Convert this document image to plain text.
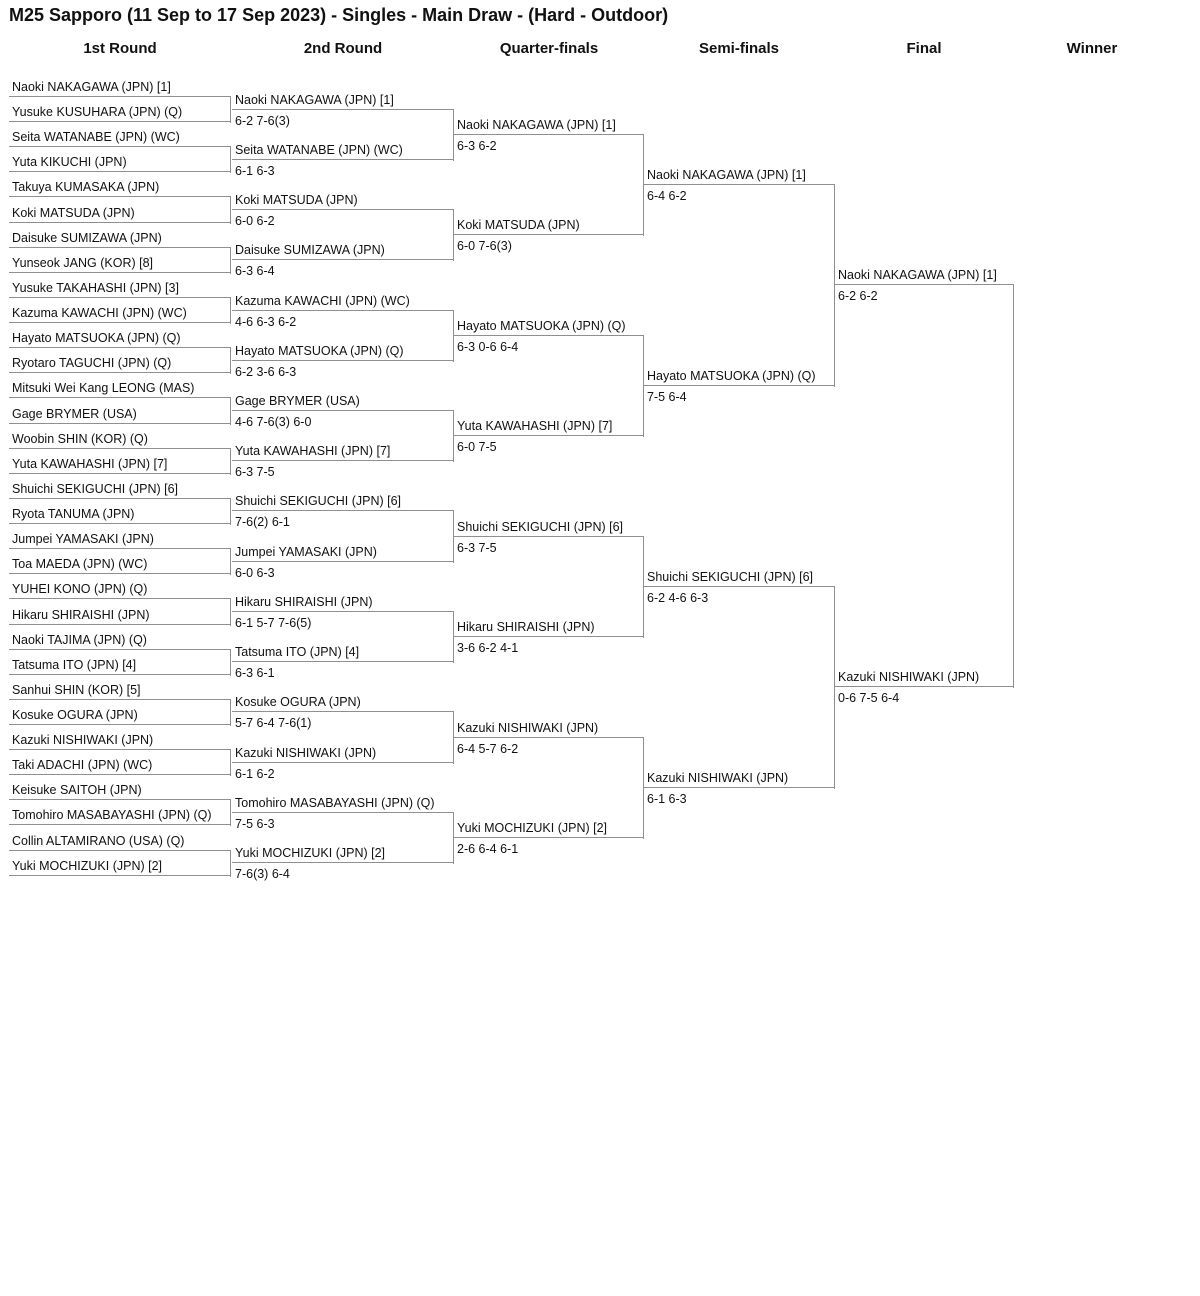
M25 Sapporo (11 Sep to 17 Sep 2023) - Singles - Main Draw - (Hard - Outdoor)
1st Round	2nd Round	Quarter-finals	Semi-finals	Final	Winner
Naoki NAKAGAWA (JPN) [1]
Yusuke KUSUHARA (JPN) (Q)
Seita WATANABE (JPN) (WC)
Yuta KIKUCHI (JPN)
Takuya KUMASAKA (JPN)
Koki MATSUDA (JPN)
Daisuke SUMIZAWA (JPN)
Yunseok JANG (KOR) [8]
Yusuke TAKAHASHI (JPN) [3]
Kazuma KAWACHI (JPN) (WC)
Hayato MATSUOKA (JPN) (Q)
Ryotaro TAGUCHI (JPN) (Q)
Mitsuki Wei Kang LEONG (MAS)
Gage BRYMER (USA)
Woobin SHIN (KOR) (Q)
Yuta KAWAHASHI (JPN) [7]
Shuichi SEKIGUCHI (JPN) [6]
Ryota TANUMA (JPN)
Jumpei YAMASAKI (JPN)
Toa MAEDA (JPN) (WC)
YUHEI KONO (JPN) (Q)
Hikaru SHIRAISHI (JPN)
Naoki TAJIMA (JPN) (Q)
Tatsuma ITO (JPN) [4]
Sanhui SHIN (KOR) [5]
Kosuke OGURA (JPN)
Kazuki NISHIWAKI (JPN)
Taki ADACHI (JPN) (WC)
Keisuke SAITOH (JPN)
Tomohiro MASABAYASHI (JPN) (Q)
Collin ALTAMIRANO (USA) (Q)
Yuki MOCHIZUKI (JPN) [2]
Naoki NAKAGAWA (JPN) [1]
6-2 7-6(3)
Seita WATANABE (JPN) (WC)
6-1 6-3
Koki MATSUDA (JPN)
6-0 6-2
Daisuke SUMIZAWA (JPN)
6-3 6-4
Kazuma KAWACHI (JPN) (WC)
4-6 6-3 6-2
Hayato MATSUOKA (JPN) (Q)
6-2 3-6 6-3
Gage BRYMER (USA)
4-6 7-6(3) 6-0
Yuta KAWAHASHI (JPN) [7]
6-3 7-5
Shuichi SEKIGUCHI (JPN) [6]
7-6(2) 6-1
Jumpei YAMASAKI (JPN)
6-0 6-3
Hikaru SHIRAISHI (JPN)
6-1 5-7 7-6(5)
Tatsuma ITO (JPN) [4]
6-3 6-1
Kosuke OGURA (JPN)
5-7 6-4 7-6(1)
Kazuki NISHIWAKI (JPN)
6-1 6-2
Tomohiro MASABAYASHI (JPN) (Q)
7-5 6-3
Yuki MOCHIZUKI (JPN) [2]
7-6(3) 6-4
Naoki NAKAGAWA (JPN) [1]
6-3 6-2
Koki MATSUDA (JPN)
6-0 7-6(3)
Hayato MATSUOKA (JPN) (Q)
6-3 0-6 6-4
Yuta KAWAHASHI (JPN) [7]
6-0 7-5
Shuichi SEKIGUCHI (JPN) [6]
6-3 7-5
Hikaru SHIRAISHI (JPN)
3-6 6-2 4-1
Kazuki NISHIWAKI (JPN)
6-4 5-7 6-2
Yuki MOCHIZUKI (JPN) [2]
2-6 6-4 6-1
Naoki NAKAGAWA (JPN) [1]
6-4 6-2
Hayato MATSUOKA (JPN) (Q)
7-5 6-4
Shuichi SEKIGUCHI (JPN) [6]
6-2 4-6 6-3
Kazuki NISHIWAKI (JPN)
6-1 6-3
Naoki NAKAGAWA (JPN) [1]
6-2 6-2
Kazuki NISHIWAKI (JPN)
0-6 7-5 6-4
